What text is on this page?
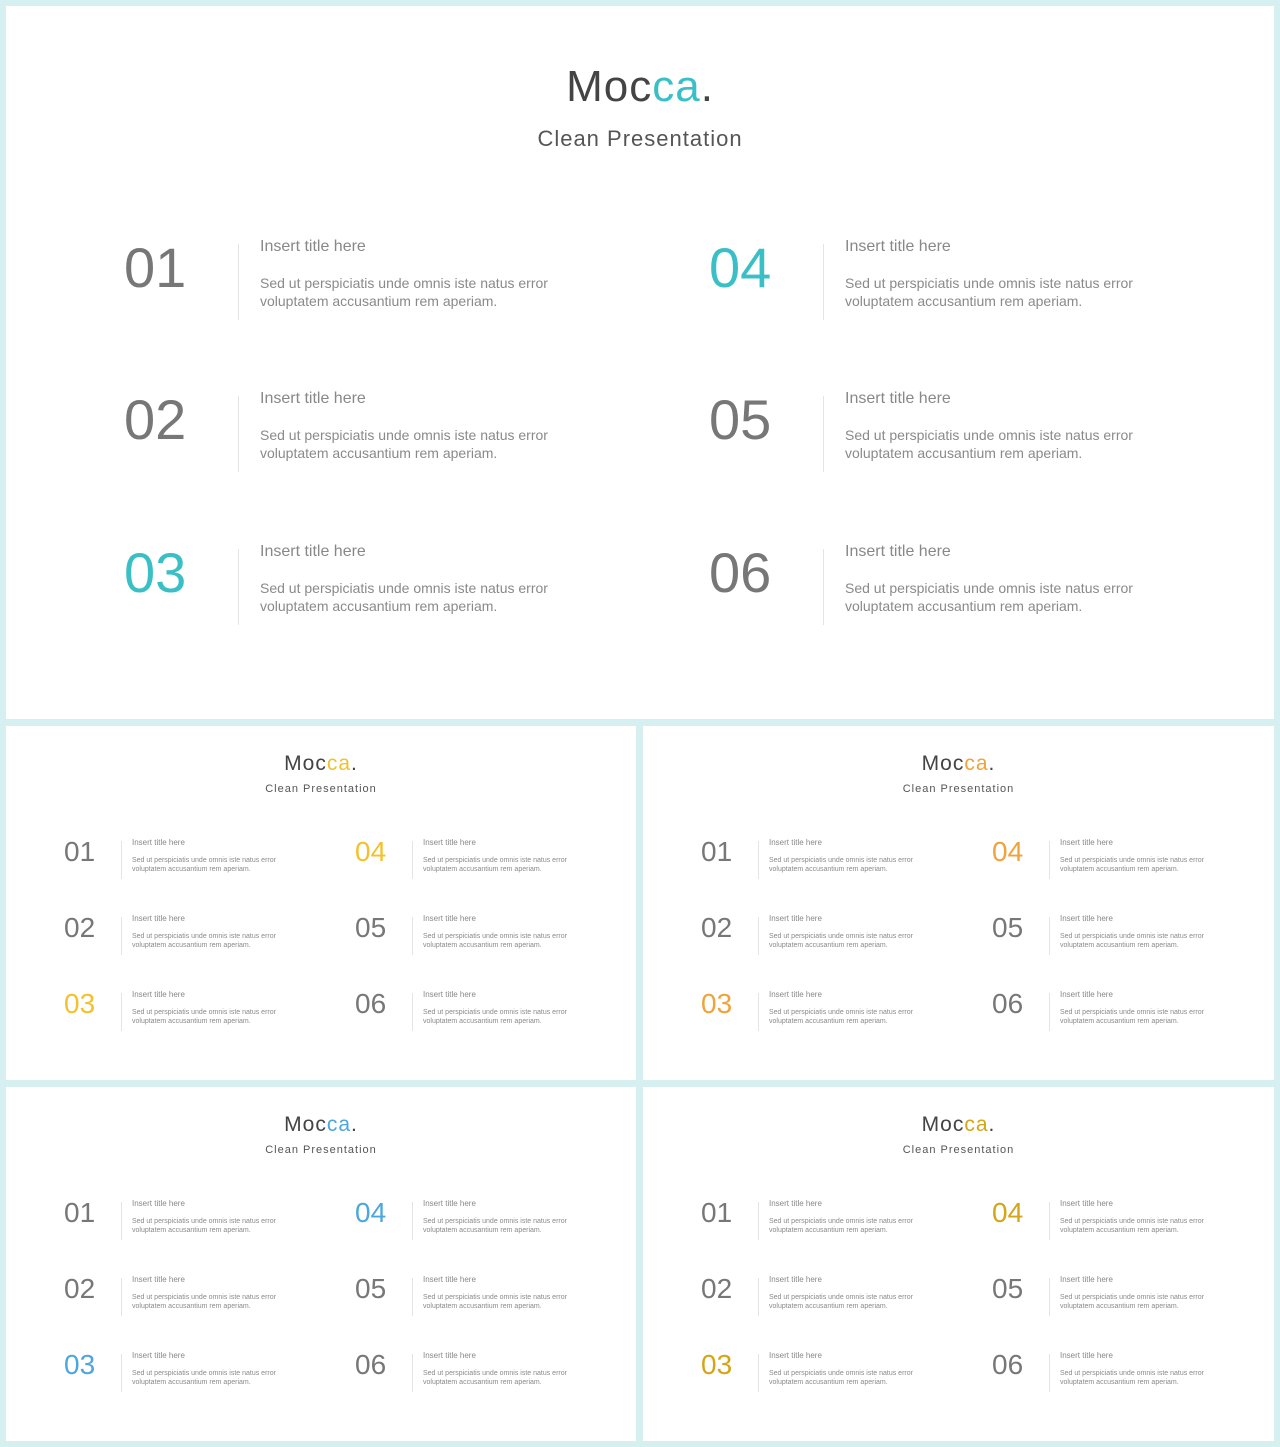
Mocca.
Clean Presentation
01	Insert title here
Sed ut perspiciatis unde omnis iste natus error
voluptatem accusantium rem aperiam.
02	Insert title here
Sed ut perspiciatis unde omnis iste natus error
voluptatem accusantium rem aperiam.
03	Insert title here
Sed ut perspiciatis unde omnis iste natus error
voluptatem accusantium rem aperiam.
04	Insert title here
Sed ut perspiciatis unde omnis iste natus error
voluptatem accusantium rem aperiam.
05	Insert title here
Sed ut perspiciatis unde omnis iste natus error
voluptatem accusantium rem aperiam.
06	Insert title here
Sed ut perspiciatis unde omnis iste natus error
voluptatem accusantium rem aperiam.
Mocca.
Clean Presentation
01	Insert title here
Sed ut perspiciatis unde omnis iste natus error
voluptatem accusantium rem aperiam.
02	Insert title here
Sed ut perspiciatis unde omnis iste natus error
voluptatem accusantium rem aperiam.
03	Insert title here
Sed ut perspiciatis unde omnis iste natus error
voluptatem accusantium rem aperiam.
04	Insert title here
Sed ut perspiciatis unde omnis iste natus error
voluptatem accusantium rem aperiam.
05	Insert title here
Sed ut perspiciatis unde omnis iste natus error
voluptatem accusantium rem aperiam.
06	Insert title here
Sed ut perspiciatis unde omnis iste natus error
voluptatem accusantium rem aperiam.
Mocca.
Clean Presentation
01	Insert title here
Sed ut perspiciatis unde omnis iste natus error
voluptatem accusantium rem aperiam.
02	Insert title here
Sed ut perspiciatis unde omnis iste natus error
voluptatem accusantium rem aperiam.
03	Insert title here
Sed ut perspiciatis unde omnis iste natus error
voluptatem accusantium rem aperiam.
04	Insert title here
Sed ut perspiciatis unde omnis iste natus error
voluptatem accusantium rem aperiam.
05	Insert title here
Sed ut perspiciatis unde omnis iste natus error
voluptatem accusantium rem aperiam.
06	Insert title here
Sed ut perspiciatis unde omnis iste natus error
voluptatem accusantium rem aperiam.
Mocca.
Clean Presentation
01	Insert title here
Sed ut perspiciatis unde omnis iste natus error
voluptatem accusantium rem aperiam.
02	Insert title here
Sed ut perspiciatis unde omnis iste natus error
voluptatem accusantium rem aperiam.
03	Insert title here
Sed ut perspiciatis unde omnis iste natus error
voluptatem accusantium rem aperiam.
04	Insert title here
Sed ut perspiciatis unde omnis iste natus error
voluptatem accusantium rem aperiam.
05	Insert title here
Sed ut perspiciatis unde omnis iste natus error
voluptatem accusantium rem aperiam.
06	Insert title here
Sed ut perspiciatis unde omnis iste natus error
voluptatem accusantium rem aperiam.
Mocca.
Clean Presentation
01	Insert title here
Sed ut perspiciatis unde omnis iste natus error
voluptatem accusantium rem aperiam.
02	Insert title here
Sed ut perspiciatis unde omnis iste natus error
voluptatem accusantium rem aperiam.
03	Insert title here
Sed ut perspiciatis unde omnis iste natus error
voluptatem accusantium rem aperiam.
04	Insert title here
Sed ut perspiciatis unde omnis iste natus error
voluptatem accusantium rem aperiam.
05	Insert title here
Sed ut perspiciatis unde omnis iste natus error
voluptatem accusantium rem aperiam.
06	Insert title here
Sed ut perspiciatis unde omnis iste natus error
voluptatem accusantium rem aperiam.
